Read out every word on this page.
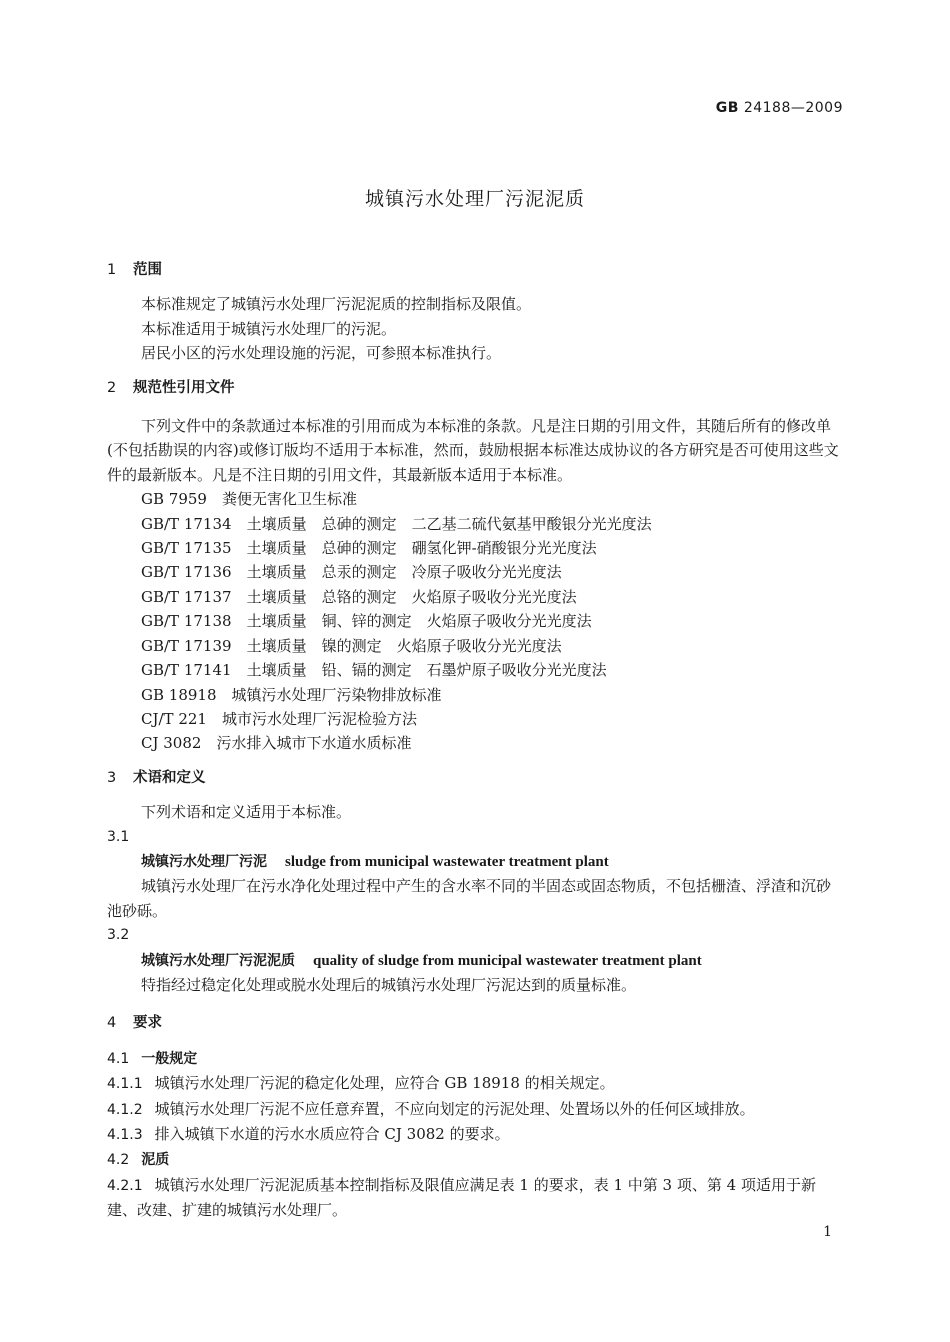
GB 24188—2009
城镇污水处理厂污泥泥质
1 范围
本标准规定了城镇污水处理厂污泥泥质的控制指标及限值。
本标准适用于城镇污水处理厂的污泥。
居民小区的污水处理设施的污泥，可参照本标准执行。
2 规范性引用文件
下列文件中的条款通过本标准的引用而成为本标准的条款。凡是注日期的引用文件，其随后所有的修改单(不包括勘误的内容)或修订版均不适用于本标准，然而，鼓励根据本标准达成协议的各方研究是否可使用这些文件的最新版本。凡是不注日期的引用文件，其最新版本适用于本标准。
GB 7959　 粪便无害化卫生标准
GB/T 17134　 土壤质量　总砷的测定　二乙基二硫代氨基甲酸银分光光度法
GB/T 17135　 土壤质量　总砷的测定　硼氢化钾-硝酸银分光光度法
GB/T 17136　 土壤质量　总汞的测定　冷原子吸收分光光度法
GB/T 17137　 土壤质量　总铬的测定　火焰原子吸收分光光度法
GB/T 17138　 土壤质量　铜、锌的测定　火焰原子吸收分光光度法
GB/T 17139　 土壤质量　镍的测定　火焰原子吸收分光光度法
GB/T 17141　 土壤质量　铅、镉的测定　石墨炉原子吸收分光光度法
GB 18918　 城镇污水处理厂污染物排放标准
CJ/T 221　 城市污水处理厂污泥检验方法
CJ 3082　 污水排入城市下水道水质标准
3 术语和定义
下列术语和定义适用于本标准。
3.1
城镇污水处理厂污泥 sludge from municipal wastewater treatment plant
城镇污水处理厂在污水净化处理过程中产生的含水率不同的半固态或固态物质，不包括栅渣、浮渣和沉砂池砂砾。
3.2
城镇污水处理厂污泥泥质 quality of sludge from municipal wastewater treatment plant
特指经过稳定化处理或脱水处理后的城镇污水处理厂污泥达到的质量标准。
4 要求
4.1 一般规定
4.1.1 城镇污水处理厂污泥的稳定化处理，应符合 GB 18918 的相关规定。
4.1.2 城镇污水处理厂污泥不应任意弃置，不应向划定的污泥处理、处置场以外的任何区域排放。
4.1.3 排入城镇下水道的污水水质应符合 CJ 3082 的要求。
4.2 泥质
4.2.1 城镇污水处理厂污泥泥质基本控制指标及限值应满足表 1 的要求，表 1 中第 3 项、第 4 项适用于新建、改建、扩建的城镇污水处理厂。
1
